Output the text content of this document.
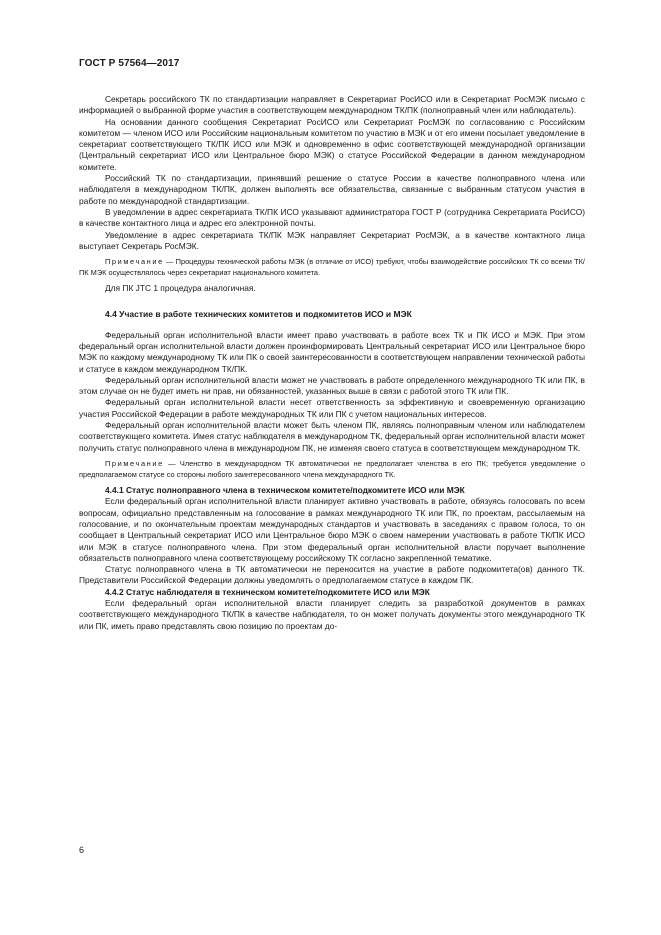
ГОСТ Р 57564—2017

Секретарь российского ТК по стандартизации направляет в Секретариат РосИСО или в Секретариат РосМЭК письмо с информацией о выбранной форме участия в соответствующем международном ТК/ПК (полноправный член или наблюдатель).

На основании данного сообщения Секретариат РосИСО или Секретариат РосМЭК по согласованию с Российским комитетом — членом ИСО или Российским национальным комитетом по участию в МЭК и от его имени посылает уведомление в секретариат соответствующего ТК/ПК ИСО или МЭК и одновременно в офис соответствующей международной организации (Центральный секретариат ИСО или Центральное бюро МЭК) о статусе Российской Федерации в данном международном комитете.

Российский ТК по стандартизации, принявший решение о статусе России в качестве полноправного члена или наблюдателя в международном ТК/ПК, должен выполнять все обязательства, связанные с выбранным статусом участия в работе по международной стандартизации.

В уведомлении в адрес секретариата ТК/ПК ИСО указывают администратора ГОСТ Р (сотрудника Секретариата РосИСО) в качестве контактного лица и адрес его электронной почты.

Уведомление в адрес секретариата ТК/ПК МЭК направляет Секретариат РосМЭК, а в качестве контактного лица выступает Секретарь РосМЭК.

Примечание — Процедуры технической работы МЭК (в отличие от ИСО) требуют, чтобы взаимодействие российских ТК со всеми ТК/ПК МЭК осуществлялось через секретариат национального комитета.

Для ПК JTC 1 процедура аналогичная.

4.4 Участие в работе технических комитетов и подкомитетов ИСО и МЭК

Федеральный орган исполнительной власти имеет право участвовать в работе всех ТК и ПК ИСО и МЭК. При этом федеральный орган исполнительной власти должен проинформировать Центральный секретариат ИСО или Центральное бюро МЭК по каждому международному ТК или ПК о своей заинтересованности в соответствующем направлении технической работы и статусе в каждом международном ТК/ПК.

Федеральный орган исполнительной власти может не участвовать в работе определенного международного ТК или ПК, в этом случае он не будет иметь ни прав, ни обязанностей, указанных выше в связи с работой этого ТК или ПК.

Федеральный орган исполнительной власти несет ответственность за эффективную и своевременную организацию участия Российской Федерации в работе международных ТК или ПК с учетом национальных интересов.

Федеральный орган исполнительной власти может быть членом ПК, являясь полноправным членом или наблюдателем соответствующего комитета. Имея статус наблюдателя в международном ТК, федеральный орган исполнительной власти может получить статус полноправного члена в международном ПК, не изменяя своего статуса в соответствующем международном ТК.

Примечание — Членство в международном ТК автоматически не предполагает членства в его ПК; требуется уведомление о предполагаемом статусе со стороны любого заинтересованного члена международного ТК.

4.4.1 Статус полноправного члена в техническом комитете/подкомитете ИСО или МЭК

Если федеральный орган исполнительной власти планирует активно участвовать в работе, обязуясь голосовать по всем вопросам, официально представленным на голосование в рамках международного ТК или ПК, по проектам, рассылаемым на голосование, и по окончательным проектам международных стандартов и участвовать в заседаниях с правом голоса, то он сообщает в Центральный секретариат ИСО или Центральное бюро МЭК о своем намерении участвовать в работе ТК/ПК ИСО или МЭК в статусе полноправного члена. При этом федеральный орган исполнительной власти поручает выполнение обязательств полноправного члена соответствующему российскому ТК согласно закрепленной тематике.

Статус полноправного члена в ТК автоматически не переносится на участие в работе подкомитета(ов) данного ТК. Представители Российской Федерации должны уведомлять о предполагаемом статусе в каждом ПК.

4.4.2 Статус наблюдателя в техническом комитете/подкомитете ИСО или МЭК

Если федеральный орган исполнительной власти планирует следить за разработкой документов в рамках соответствующего международного ТК/ПК в качестве наблюдателя, то он может получать документы этого международного ТК или ПК, иметь право представлять свою позицию по проектам до-

6
